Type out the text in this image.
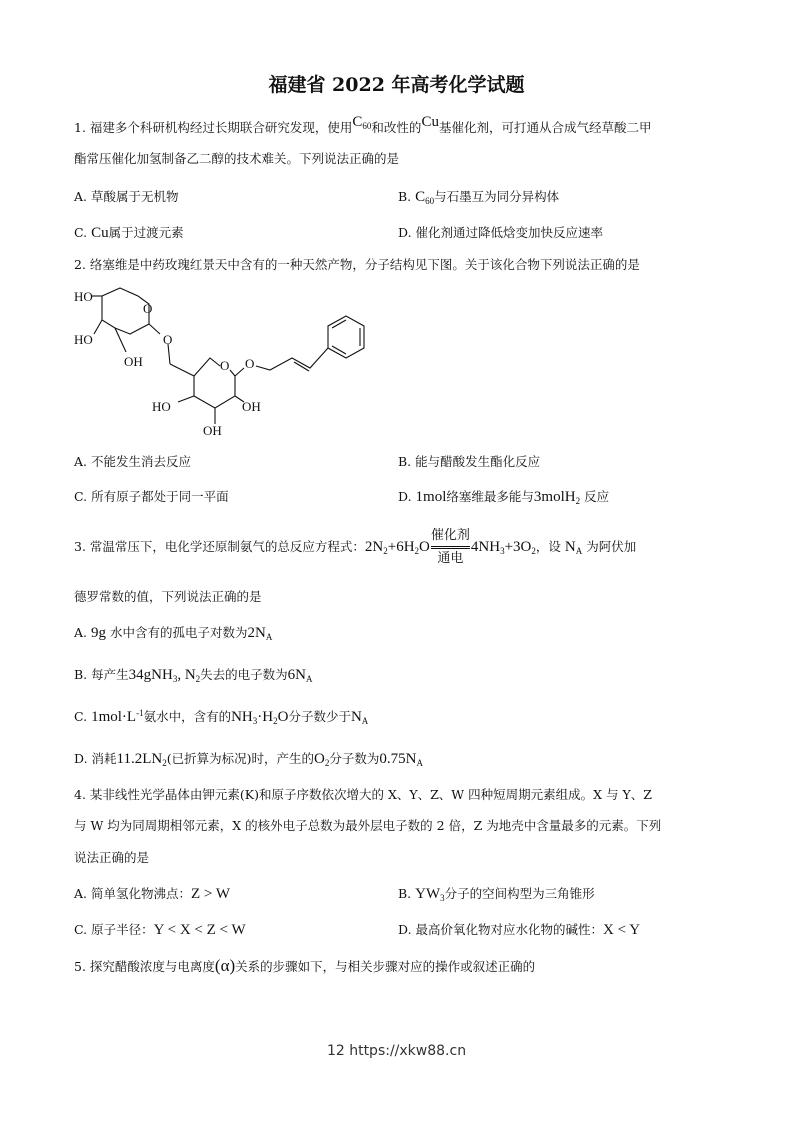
福建省 2022 年高考化学试题
1. 福建多个科研机构经过长期联合研究发现，使用$C_{60}$和改性的Cu基催化剂，可打通从合成气经草酸二甲
酯常压催化加氢制备乙二醇的技术难关。下列说法正确的是
A. 草酸属于无机物	B. $C_{60}$与石墨互为同分异构体
C. Cu属于过渡元素	D. 催化剂通过降低焓变加快反应速率
2. 络塞维是中药玫瑰红景天中含有的一种天然产物，分子结构见下图。关于该化合物下列说法正确的是
HO
HO
OH
O
O
O O
HO	OH
OH
A. 不能发生消去反应	B. 能与醋酸发生酯化反应
C. 所有原子都处于同一平面	D. 1mol络塞维最多能与3molH$_2$ 反应
3. 常温常压下，电化学还原制氨气的总反应方程式：$2N_2+6H_2O \frac{\text{催化剂}}{\text{通电}} 4NH_3+3O_2$，设 $N_A$ 为阿伏加
德罗常数的值，下列说法正确的是
A. 9g 水中含有的孤电子对数为$2N_A$
B. 每产生34gNH$_3$, $N_2$失去的电子数为$6N_A$
C. $1mol\cdot L^{-1}$氨水中，含有的$NH_3\cdot H_2O$分子数少于$N_A$
D. 消耗$11.2LN_2$(已折算为标况)时，产生的$O_2$分子数为$0.75N_A$
4. 某非线性光学晶体由钾元素(K)和原子序数依次增大的 X、Y、Z、W 四种短周期元素组成。X 与 Y、Z
与 W 均为同周期相邻元素，X 的核外电子总数为最外层电子数的 2 倍，Z 为地壳中含量最多的元素。下列
说法正确的是
A. 简单氢化物沸点：Z > W	B. $YW_3$分子的空间构型为三角锥形
C. 原子半径：Y < X < Z < W	D. 最高价氧化物对应水化物的碱性：X < Y
5. 探究醋酸浓度与电离度(α)关系的步骤如下，与相关步骤对应的操作或叙述正确的
12 https://xkw88.cn
